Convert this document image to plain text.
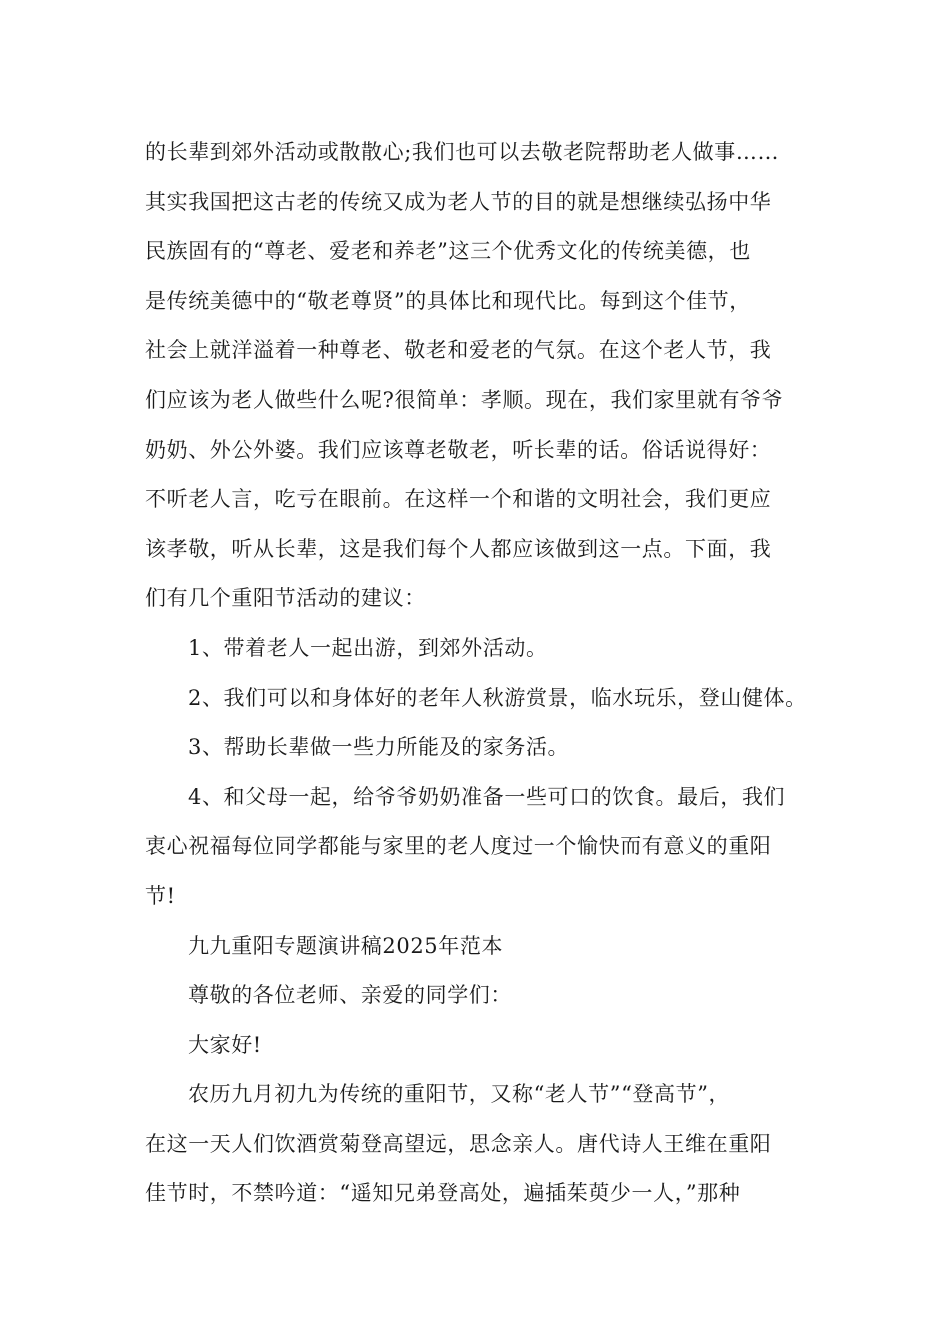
的长辈到郊外活动或散散心;我们也可以去敬老院帮助老人做事……
其实我国把这古老的传统又成为老人节的目的就是想继续弘扬中华
民族固有的“尊老、爱老和养老”这三个优秀文化的传统美德，也
是传统美德中的“敬老尊贤”的具体比和现代比。每到这个佳节，
社会上就洋溢着一种尊老、敬老和爱老的气氛。在这个老人节，我
们应该为老人做些什么呢?很简单：孝顺。现在，我们家里就有爷爷
奶奶、外公外婆。我们应该尊老敬老，听长辈的话。俗话说得好：
不听老人言，吃亏在眼前。在这样一个和谐的文明社会，我们更应
该孝敬，听从长辈，这是我们每个人都应该做到这一点。下面，我
们有几个重阳节活动的建议：
1、带着老人一起出游，到郊外活动。
2、我们可以和身体好的老年人秋游赏景，临水玩乐，登山健体。
3、帮助长辈做一些力所能及的家务活。
4、和父母一起，给爷爷奶奶准备一些可口的饮食。最后，我们
衷心祝福每位同学都能与家里的老人度过一个愉快而有意义的重阳
节!
九九重阳专题演讲稿2025年范本
尊敬的各位老师、亲爱的同学们：
大家好!
农历九月初九为传统的重阳节，又称“老人节”“登高节”，
在这一天人们饮酒赏菊登高望远，思念亲人。唐代诗人王维在重阳
佳节时，不禁吟道：“遥知兄弟登高处，遍插茱萸少一人，”那种
